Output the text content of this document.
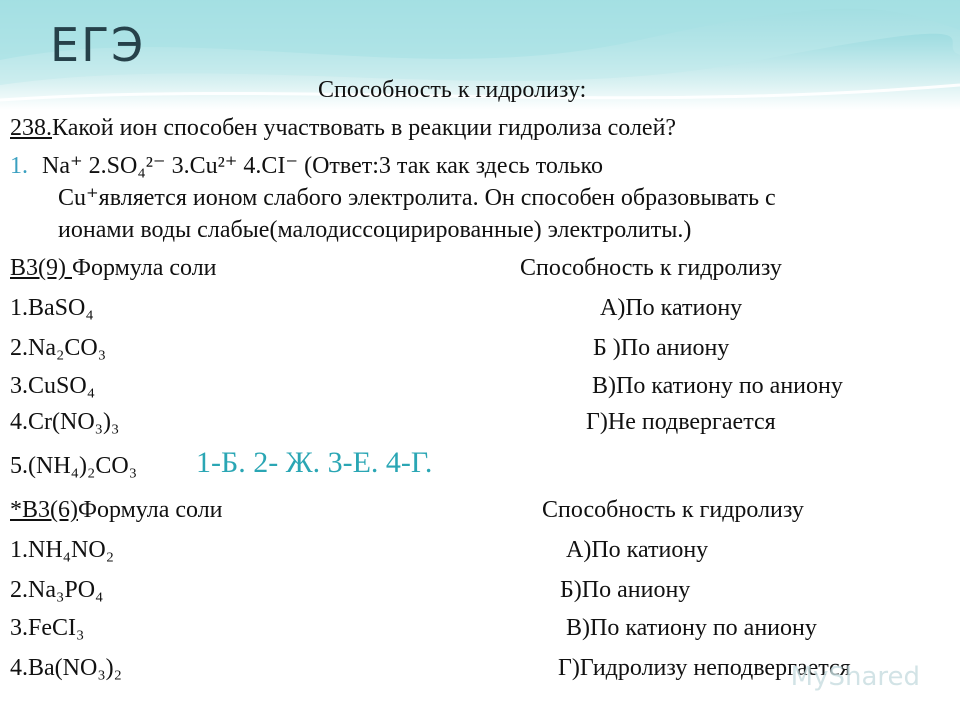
ЕГЭ
Способность к гидролизу:
238.Какой ион способен участвовать в реакции гидролиза солей?
1. Na⁺ 2.SO₄²⁻ 3.Cu²⁺ 4.CI⁻ (Ответ:3 так как здесь только
Cu⁺является ионом слабого электролита. Он способен образовывать с
ионами воды слабые(малодиссоцирированные) электролиты.)
В3(9) Формула соли	Способность к гидролизу
1.BaSO₄	А)По катиону
2.Na₂CO₃	Б )По аниону
3.CuSO₄	В)По катиону по аниону
4.Cr(NO₃)₃	Г)Не подвергается
5.(NH₄)₂CO₃ 1-Б. 2- Ж. 3-Е. 4-Г.
*В3(6)Формула соли	Способность к гидролизу
1.NH₄NO₂	А)По катиону
2.Na₃PO₄	Б)По аниону
3.FeCI₃	В)По катиону по аниону
4.Ba(NO₃)₂	Г)Гидролизу неподвергается
MyShared
